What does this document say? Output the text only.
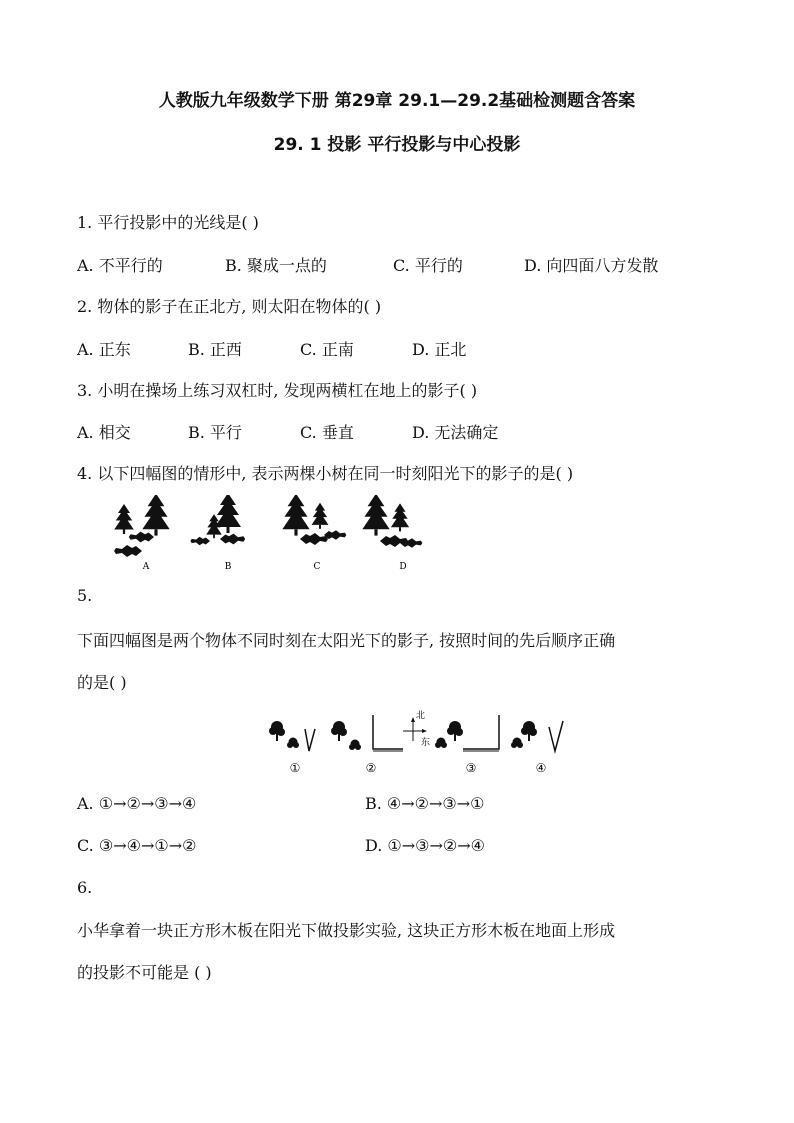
人教版九年级数学下册 第29章 29.1—29.2基础检测题含答案
29. 1 投影 平行投影与中心投影
1. 平行投影中的光线是( )
A. 不平行的	B. 聚成一点的	C. 平行的	D. 向四面八方发散
2. 物体的影子在正北方, 则太阳在物体的( )
A. 正东	B. 正西	C. 正南	D. 正北
3. 小明在操场上练习双杠时, 发现两横杠在地上的影子( )
A. 相交	B. 平行	C. 垂直	D. 无法确定
4. 以下四幅图的情形中, 表示两棵小树在同一时刻阳光下的影子的是( )
A	B	C	D
5.
下面四幅图是两个物体不同时刻在太阳光下的影子, 按照时间的先后顺序正确
的是( )
北
东
①	②	③	④
A. ①→②→③→④	B. ④→②→③→①
C. ③→④→①→②	D. ①→③→②→④
6.
小华拿着一块正方形木板在阳光下做投影实验, 这块正方形木板在地面上形成
的投影不可能是 ( )
